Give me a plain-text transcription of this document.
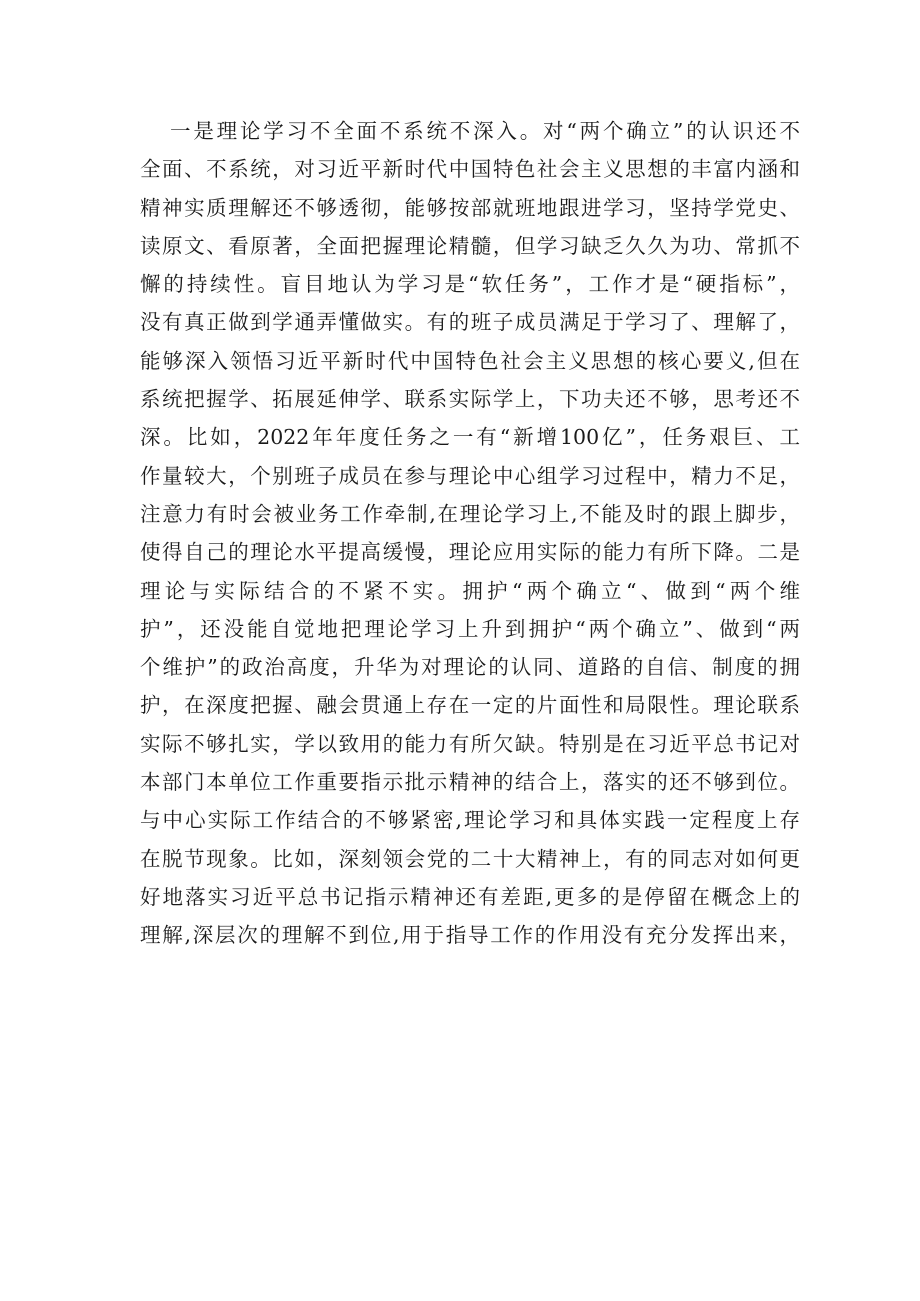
一是理论学习不全面不系统不深入。对“两个确立”的认识还不
全面、不系统，对习近平新时代中国特色社会主义思想的丰富内涵和
精神实质理解还不够透彻，能够按部就班地跟进学习，坚持学党史、
读原文、看原著，全面把握理论精髓，但学习缺乏久久为功、常抓不
懈的持续性。盲目地认为学习是“软任务”，工作才是“硬指标”，
没有真正做到学通弄懂做实。有的班子成员满足于学习了、理解了，
能够深入领悟习近平新时代中国特色社会主义思想的核心要义,但在
系统把握学、拓展延伸学、联系实际学上，下功夫还不够，思考还不
深。比如，2022年年度任务之一有“新增100亿”，任务艰巨、工
作量较大，个别班子成员在参与理论中心组学习过程中，精力不足，
注意力有时会被业务工作牵制,在理论学习上,不能及时的跟上脚步，
使得自己的理论水平提高缓慢，理论应用实际的能力有所下降。二是
理论与实际结合的不紧不实。拥护“两个确立“、做到“两个维
护”，还没能自觉地把理论学习上升到拥护“两个确立”、做到“两
个维护”的政治高度，升华为对理论的认同、道路的自信、制度的拥
护，在深度把握、融会贯通上存在一定的片面性和局限性。理论联系
实际不够扎实，学以致用的能力有所欠缺。特别是在习近平总书记对
本部门本单位工作重要指示批示精神的结合上，落实的还不够到位。
与中心实际工作结合的不够紧密,理论学习和具体实践一定程度上存
在脱节现象。比如，深刻领会党的二十大精神上，有的同志对如何更
好地落实习近平总书记指示精神还有差距,更多的是停留在概念上的
理解,深层次的理解不到位,用于指导工作的作用没有充分发挥出来，
